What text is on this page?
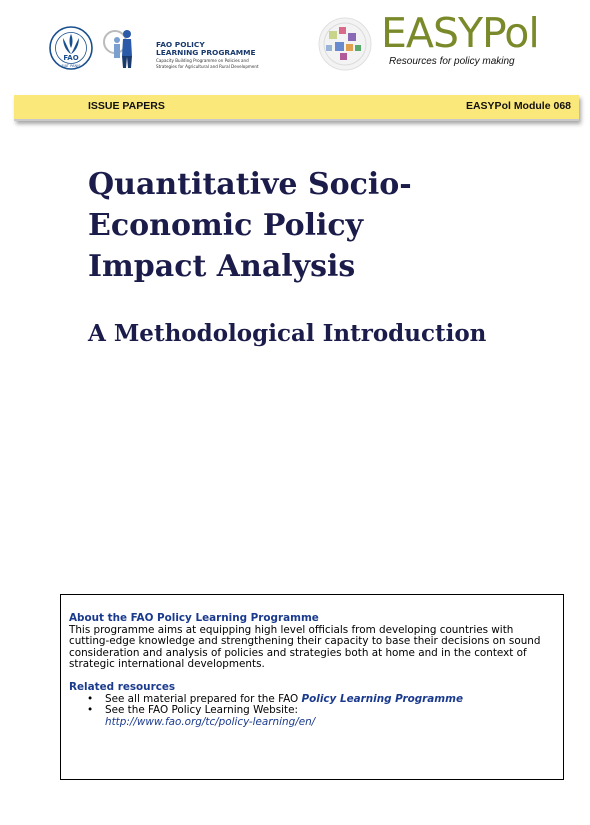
FAO
FIAT PANIS
FAO POLICY
LEARNING PROGRAMME
Capacity Building Programme on Policies and
Strategies for Agricultural and Rural Development
EASYPol
Resources for policy making
ISSUE PAPERS	EASYPol Module 068
Quantitative Socio-
Economic Policy
Impact Analysis
A Methodological Introduction

About the FAO Policy Learning Programme

This programme aims at equipping high level officials from developing countries with cutting-edge knowledge and strengthening their capacity to base their decisions on sound consideration and analysis of policies and strategies both at home and in the context of strategic international developments.

Related resources

• See all material prepared for the FAO Policy Learning Programme
• See the FAO Policy Learning Website:
http://www.fao.org/tc/policy-learning/en/
